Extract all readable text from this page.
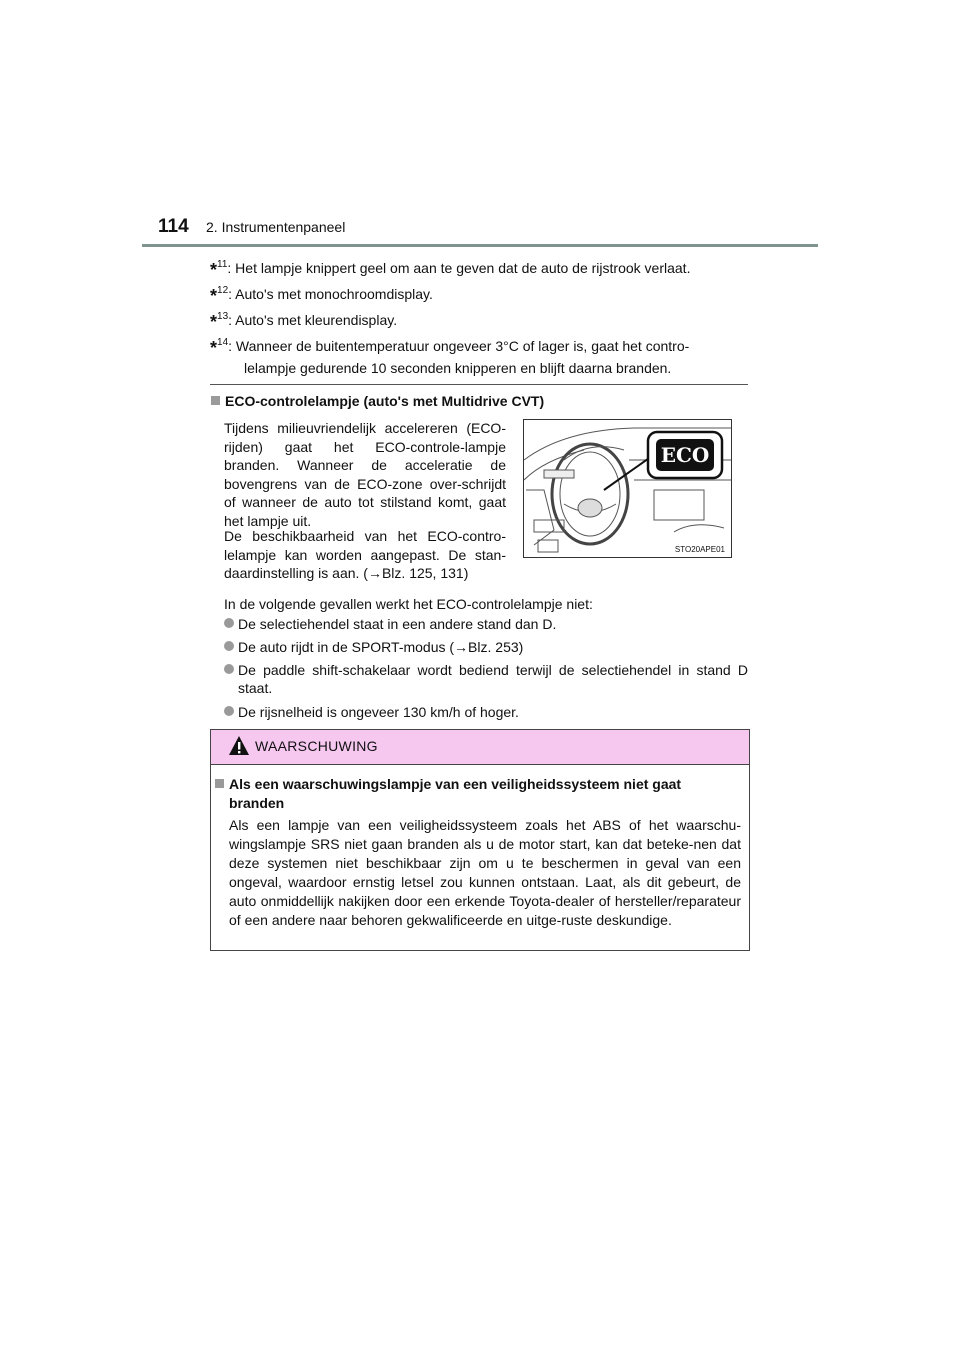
114 2. Instrumentenpaneel
*$^{11}$: Het lampje knippert geel om aan te geven dat de auto de rijstrook verlaat.
*$^{12}$: Auto's met monochroomdisplay.
*$^{13}$: Auto's met kleurendisplay.
*$^{14}$: Wanneer de buitentemperatuur ongeveer 3°C of lager is, gaat het contro-
lelampje gedurende 10 seconden knipperen en blijft daarna branden.
ECO-controlelampje (auto's met Multidrive CVT)
Tijdens milieuvriendelijk accelereren (ECO-rijden) gaat het ECO-controle-lampje branden. Wanneer de acceleratie de bovengrens van de ECO-zone over-schrijdt of wanneer de auto tot stilstand komt, gaat het lampje uit.
De beschikbaarheid van het ECO-contro-lelampje kan worden aangepast. De stan-daardinstelling is aan. (→Blz. 125, 131)
ECO
STO20APE01
In de volgende gevallen werkt het ECO-controlelampje niet:
De selectiehendel staat in een andere stand dan D.
De auto rijdt in de SPORT-modus (→Blz. 253)
De paddle shift-schakelaar wordt bediend terwijl de selectiehendel in stand D staat.
De rijsnelheid is ongeveer 130 km/h of hoger.
WAARSCHUWING
Als een waarschuwingslampje van een veiligheidssysteem niet gaat
branden
Als een lampje van een veiligheidssysteem zoals het ABS of het waarschu-wingslampje SRS niet gaan branden als u de motor start, kan dat beteke-nen dat deze systemen niet beschikbaar zijn om u te beschermen in geval van een ongeval, waardoor ernstig letsel zou kunnen ontstaan. Laat, als dit gebeurt, de auto onmiddellijk nakijken door een erkende Toyota-dealer of hersteller/reparateur of een andere naar behoren gekwalificeerde en uitge-ruste deskundige.
